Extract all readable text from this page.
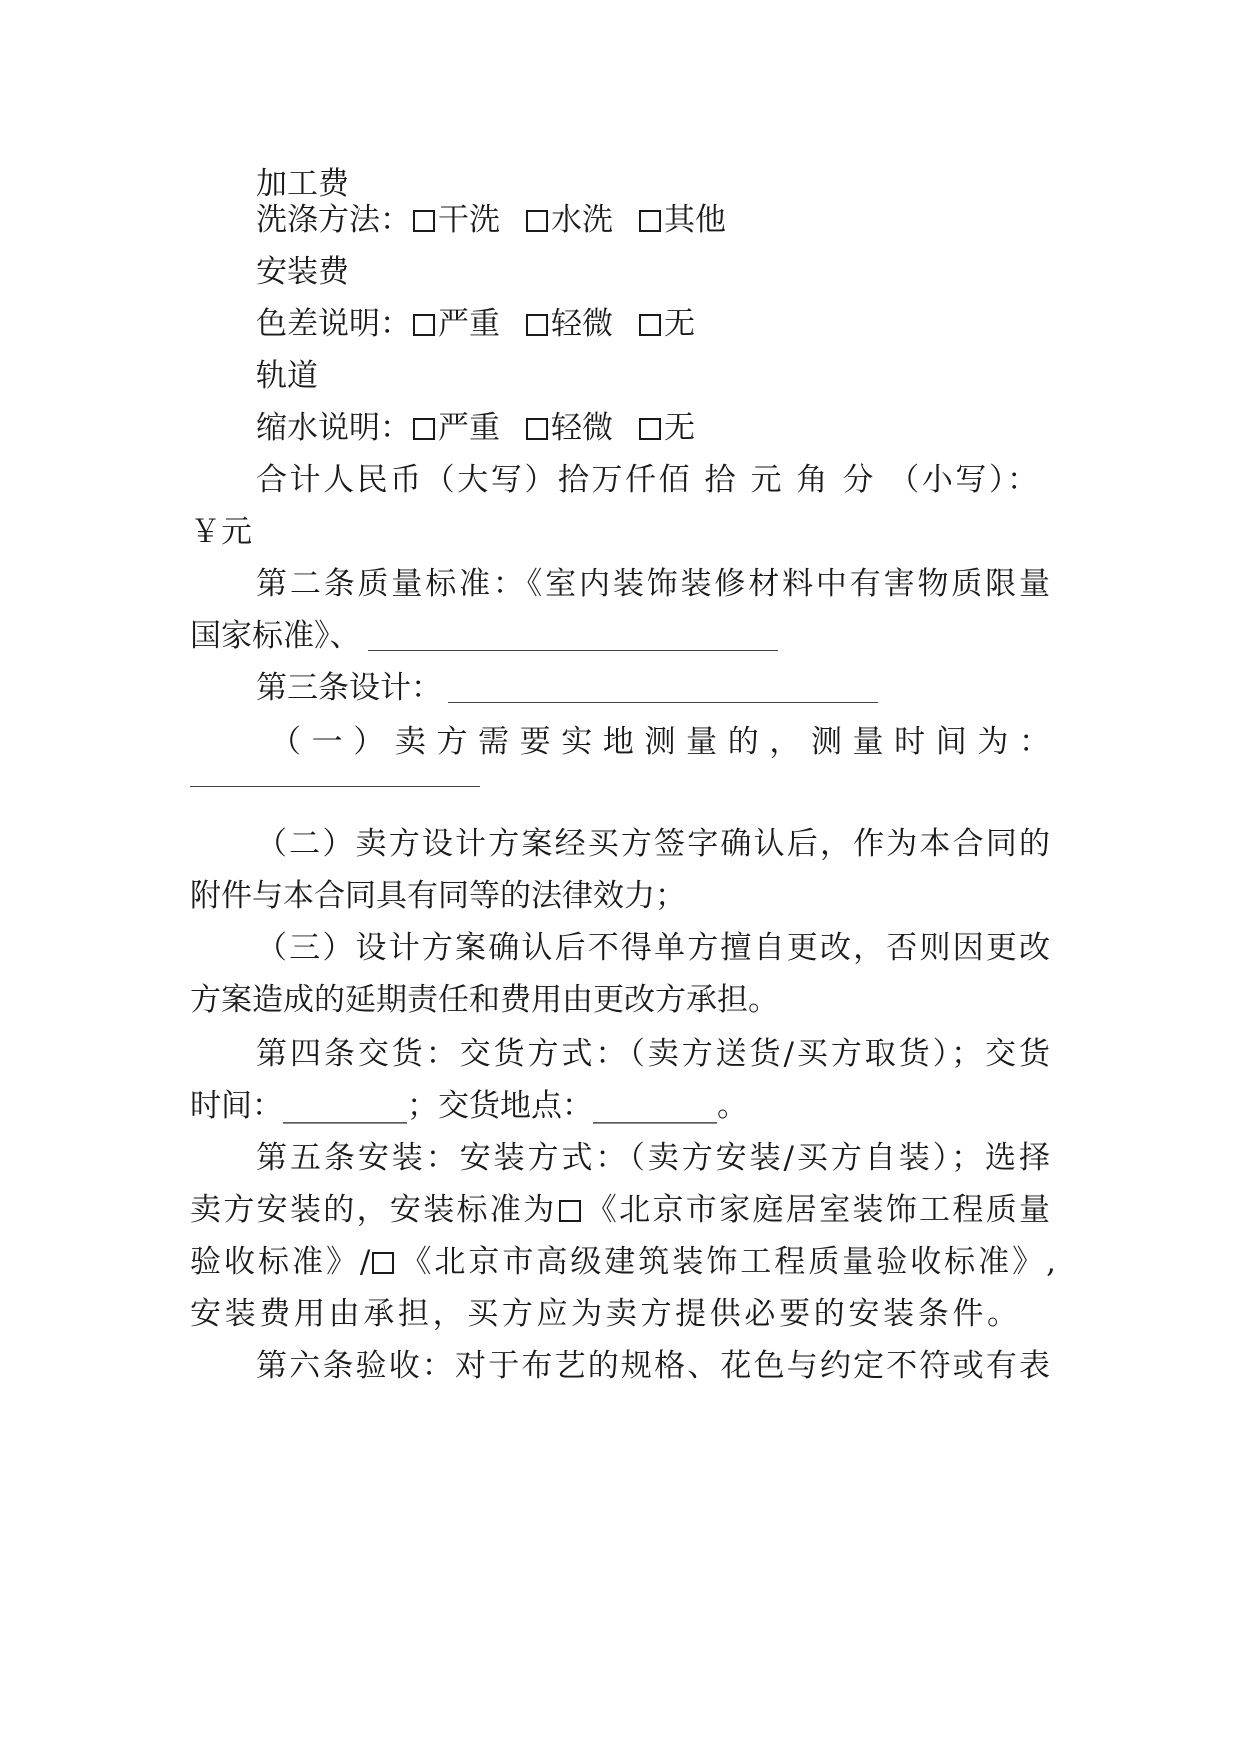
加工费
洗涤方法： 干洗 水洗 其他
安装费
色差说明： 严重 轻微 无
轨道
缩水说明： 严重 轻微 无
合计人民币（大写）拾万仟佰 拾 元 角 分 （小写）：
￥元
第二条质量标准：《室内装饰装修材料中有害物质限量
国家标准》、
第三条设计：
（一）卖方需要实地测量的，测量时间为：
（二）卖方设计方案经买方签字确认后，作为本合同的
附件与本合同具有同等的法律效力；
（三）设计方案确认后不得单方擅自更改，否则因更改
方案造成的延期责任和费用由更改方承担。
第四条交货：交货方式：（卖方送货/买方取货）；交货
时间：________；交货地点：________。
第五条安装：安装方式：（卖方安装/买方自装）；选择
卖方安装的，安装标准为 《北京市家庭居室装饰工程质量
验收标准》/ 《北京市高级建筑装饰工程质量验收标准》,
安装费用由承担，买方应为卖方提供必要的安装条件。
第六条验收：对于布艺的规格、花色与约定不符或有表
